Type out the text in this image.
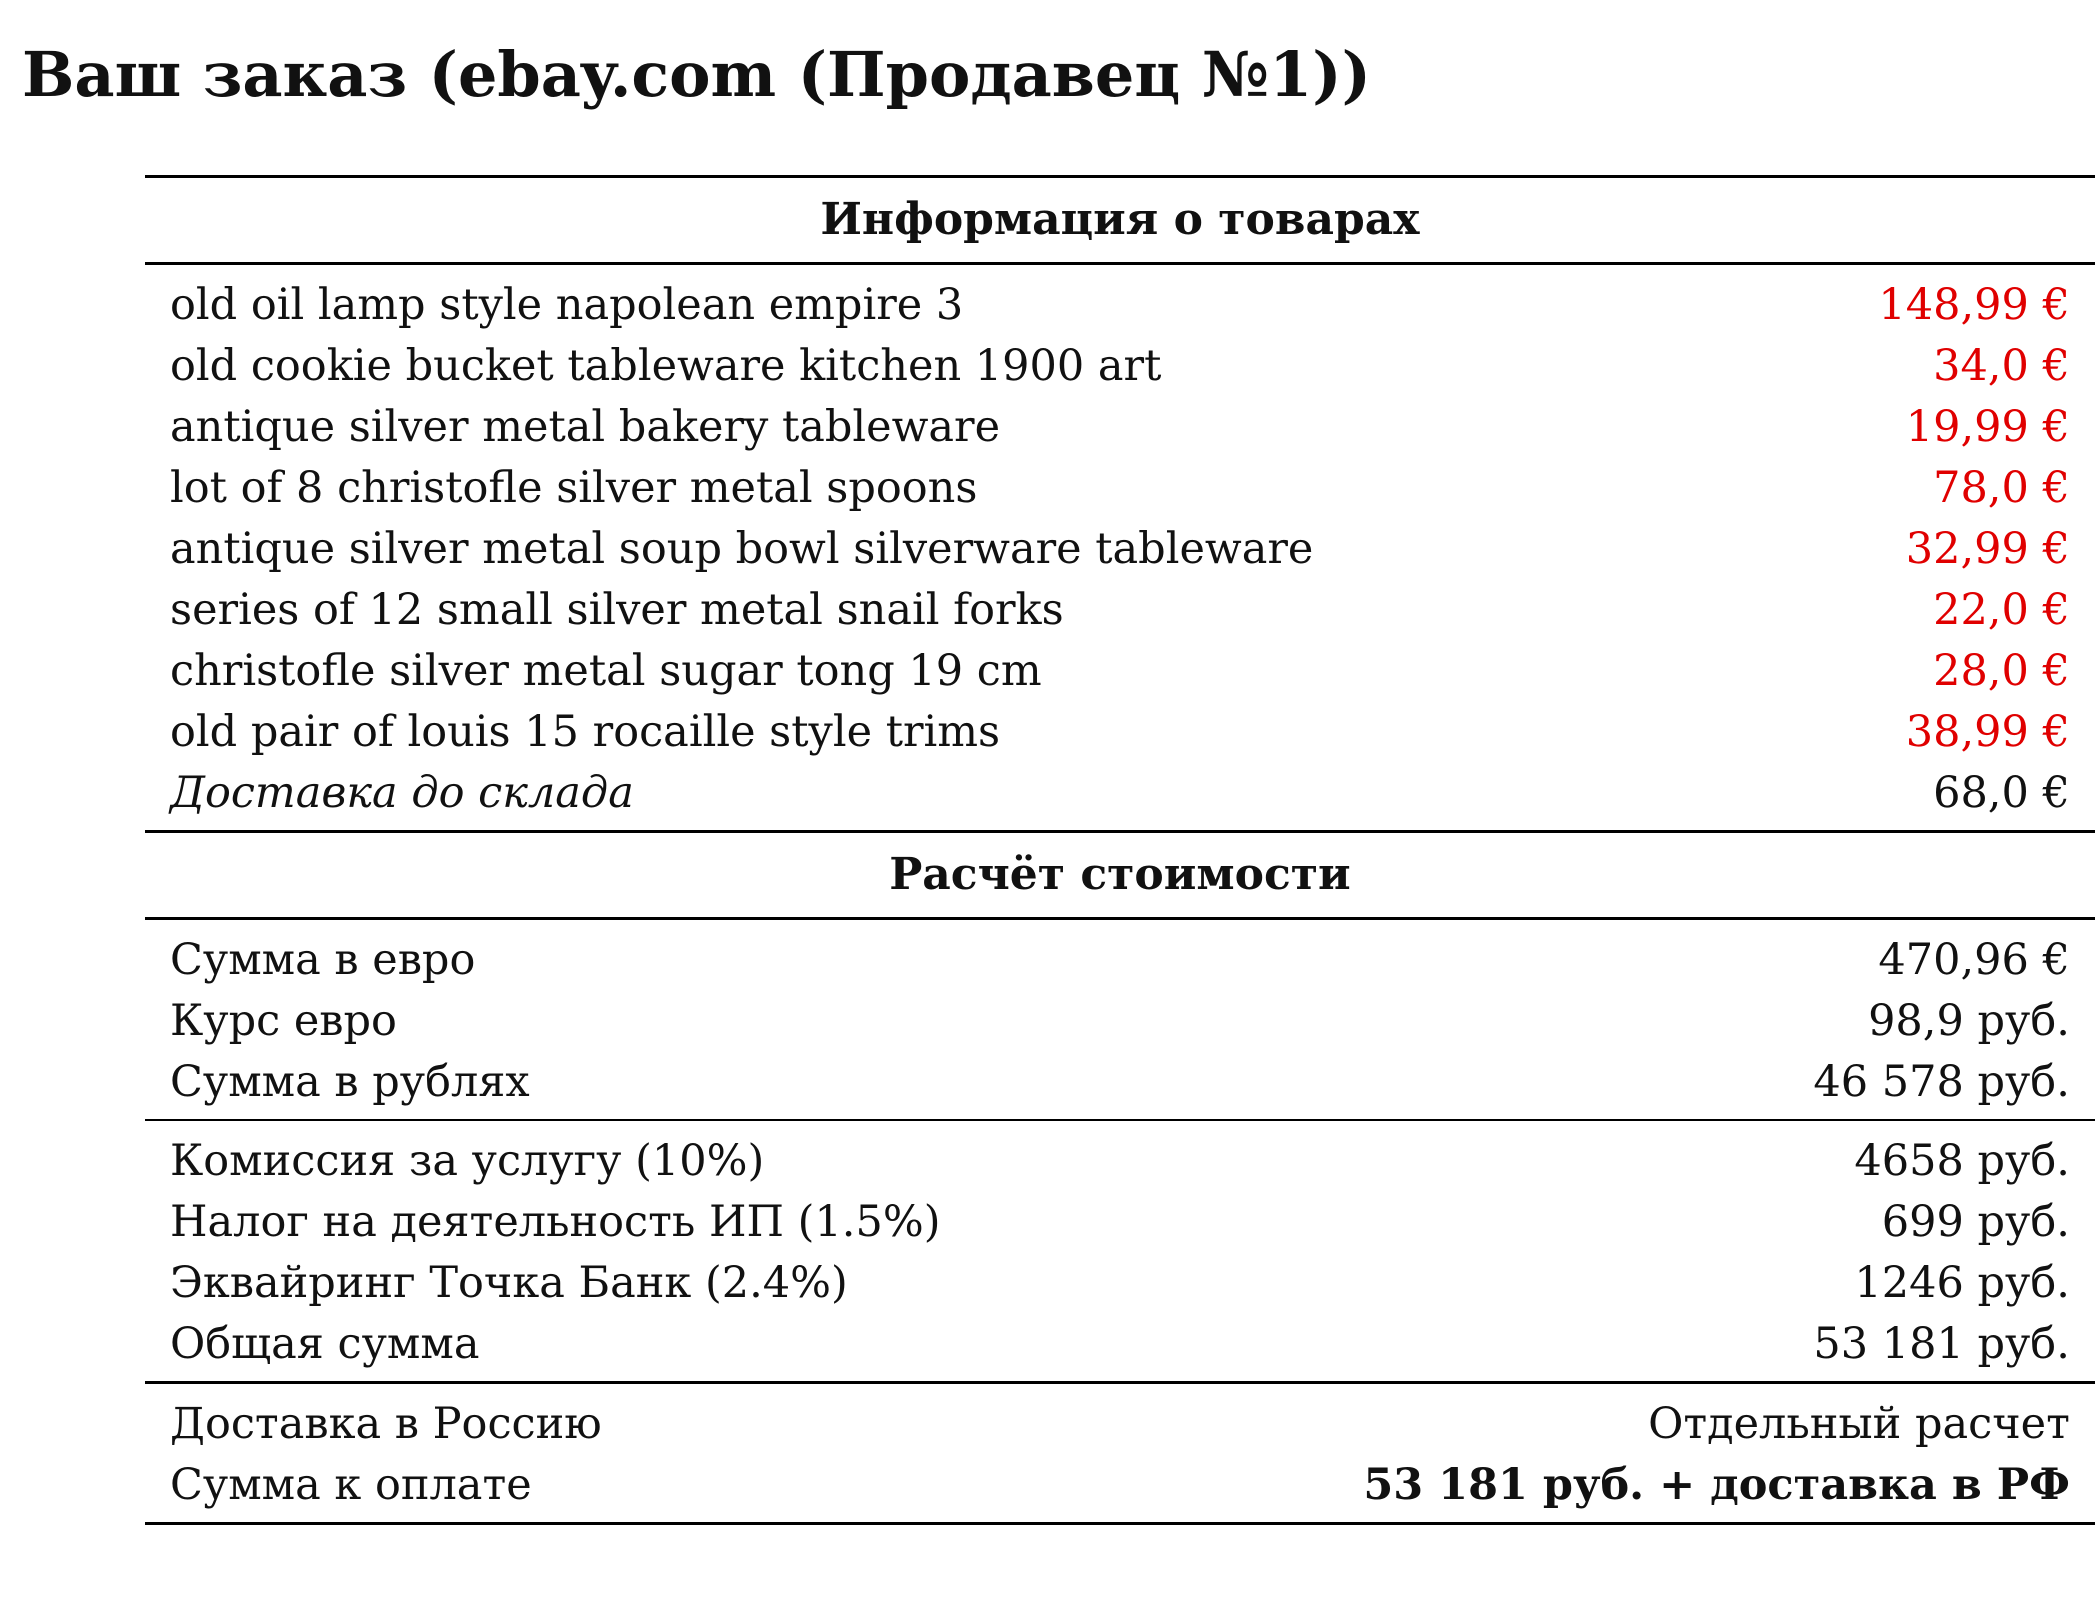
Ваш заказ (ebay.com (Продавец №1))
Информация о товарах	
old oil lamp style napolean empire 3	148,99 €
old cookie bucket tableware kitchen 1900 art	34,0 €
antique silver metal bakery tableware	19,99 €
lot of 8 christofle silver metal spoons	78,0 €
antique silver metal soup bowl silverware tableware	32,99 €
series of 12 small silver metal snail forks	22,0 €
christofle silver metal sugar tong 19 cm	28,0 €
old pair of louis 15 rocaille style trims	38,99 €
Доставка до склада	68,0 €
Расчёт стоимости	
Сумма в евро	470,96 €
Курс евро	98,9 руб.
Сумма в рублях	46 578 руб.
Комиссия за услугу (10%)	4658 руб.
Налог на деятельность ИП (1.5%)	699 руб.
Эквайринг Точка Банк (2.4%)	1246 руб.
Общая сумма	53 181 руб.
Доставка в Россию	Отдельный расчет
Сумма к оплате	53 181 руб. + доставка в РФ
